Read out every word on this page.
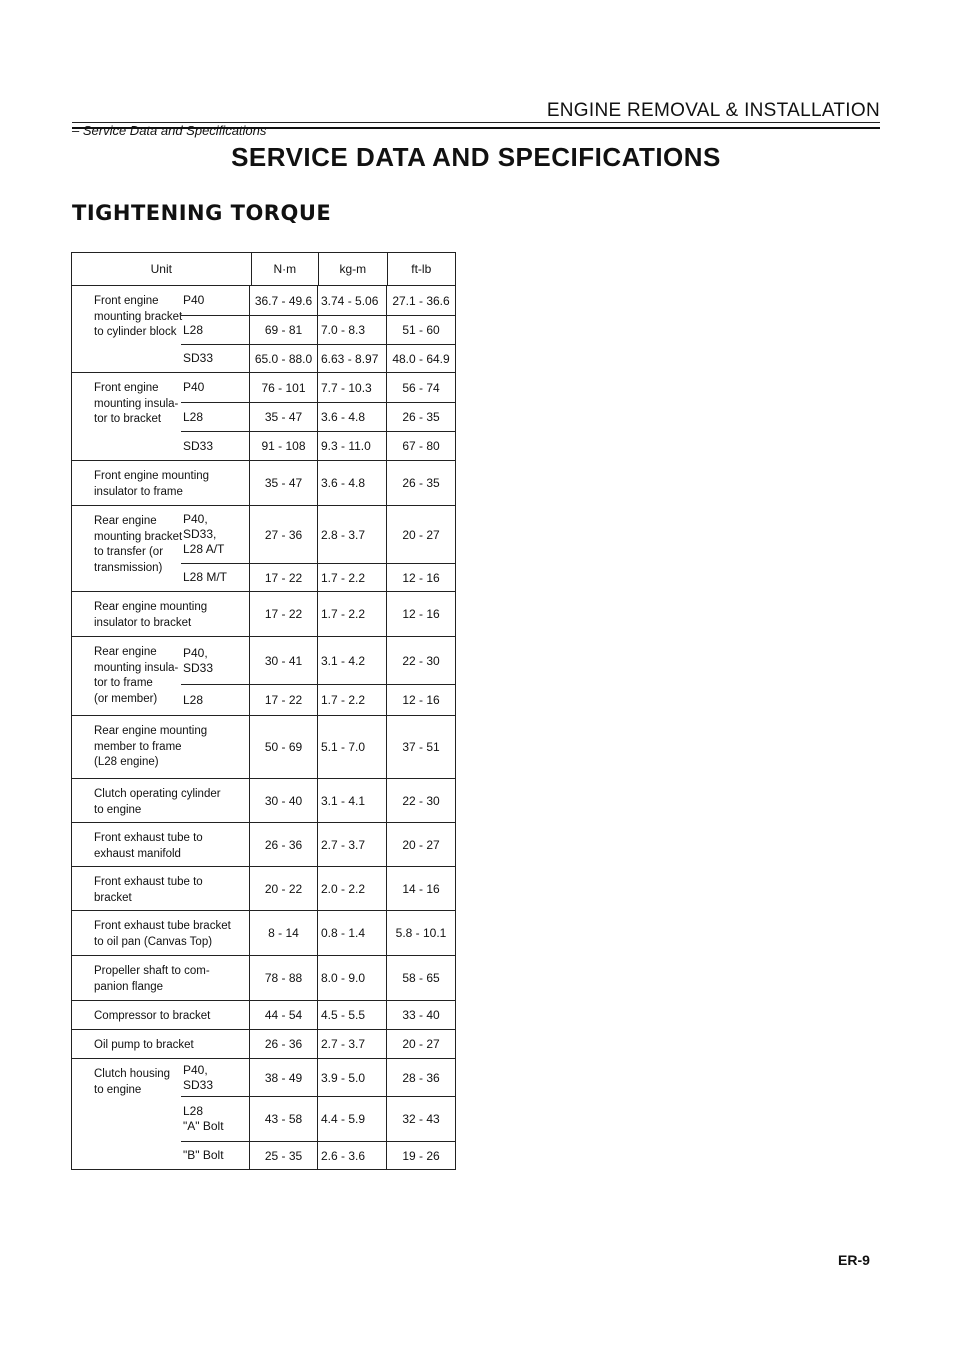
ENGINE REMOVAL & INSTALLATION
– Service Data and Specifications
SERVICE DATA AND SPECIFICATIONS
TIGHTENING TORQUE
Unit	N·m	kg-m	ft-lb
Front engine
mounting bracket
to cylinder block
P40	36.7 - 49.6 3.74 - 5.06	27.1 - 36.6
L28	69 - 81	7.0 - 8.3	51 - 60
SD33	65.0 - 88.0 6.63 - 8.97	48.0 - 64.9
Front engine
mounting insula-
tor to bracket
P40	76 - 101	7.7 - 10.3	56 - 74
L28	35 - 47	3.6 - 4.8	26 - 35
SD33	91 - 108	9.3 - 11.0	67 - 80
Front engine mounting
insulator to frame
35 - 47	3.6 - 4.8	26 - 35
Rear engine
mounting bracket
to transfer (or
transmission)
P40,
SD33,
L28 A/T
27 - 36	2.8 - 3.7	20 - 27
L28 M/T	17 - 22	1.7 - 2.2	12 - 16
Rear engine mounting
insulator to bracket
17 - 22	1.7 - 2.2	12 - 16
Rear engine
mounting insula-
tor to frame
(or member)
P40,
SD33	30 - 41	3.1 - 4.2	22 - 30
L28	17 - 22	1.7 - 2.2	12 - 16
Rear engine mounting
member to frame
(L28 engine)
50 - 69	5.1 - 7.0	37 - 51
Clutch operating cylinder
to engine
30 - 40	3.1 - 4.1	22 - 30
Front exhaust tube to
exhaust manifold
26 - 36	2.7 - 3.7	20 - 27
Front exhaust tube to
bracket
20 - 22	2.0 - 2.2	14 - 16
Front exhaust tube bracket
to oil pan (Canvas Top)
8 - 14	0.8 - 1.4	5.8 - 10.1
Propeller shaft to com-
panion flange
78 - 88	8.0 - 9.0	58 - 65
Compressor to bracket	44 - 54	4.5 - 5.5	33 - 40
Oil pump to bracket	26 - 36	2.7 - 3.7	20 - 27
Clutch housing
to engine
P40,
SD33	38 - 49	3.9 - 5.0	28 - 36
L28
"A" Bolt	43 - 58	4.4 - 5.9	32 - 43
"B" Bolt	25 - 35	2.6 - 3.6	19 - 26
ER-9
